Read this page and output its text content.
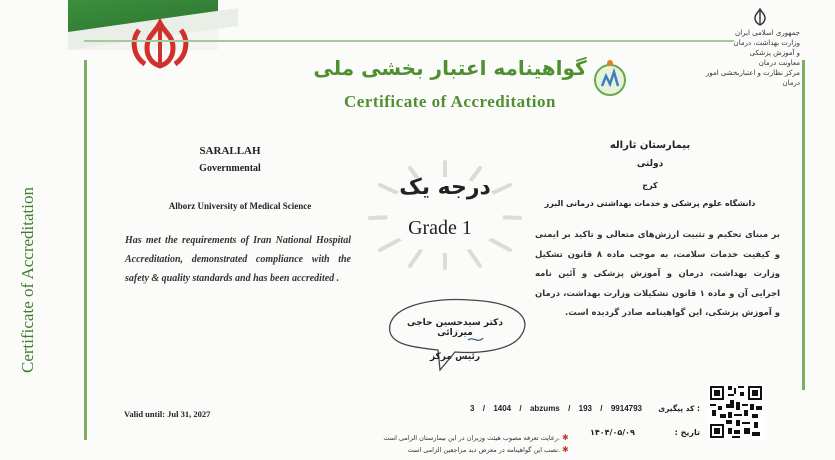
Certificate of Accreditation
گواهینامه اعتبار بخشی ملی
Certificate of Accreditation
جمهوری اسلامی ایران
وزارت بهداشت، درمان
و آموزش پزشکی
معاونت درمان
مرکز نظارت و اعتباربخشی امور درمان
SARALLAH
Governmental
Alborz University of Medical Science
Has met the requirements of Iran National Hospital Accreditation, demonstrated compliance with the safety & quality standards and has been accredited .
درجه یک
Grade 1
بیمارستان ثاراله
دولتی
کرج
دانشگاه علوم پزشکی و خدمات بهداشتی درمانی البرز
بر مبنای تحکیم و تثبیت ارزش‌های متعالی و تاکید بر ایمنی و کیفیت خدمات سلامت، به موجب ماده ۸ قانون تشکیل وزارت بهداشت، درمان و آموزش پزشکی و آئین نامه اجرایی آن و ماده ۱ قانون تشکیلات وزارت بهداشت، درمان و آموزش پزشکی، این گواهینامه صادر گردیده است.
دکتر سیدحسین حاجی میرزائی
رئیس مرکز
Valid until: Jul 31, 2027
3 / 1404 / abzums / 193 / 9914793	کد پیگیری :
تاریخ :
۱۴۰۴/۰۵/۰۹
✱
رعایت تعرفه مصوب هیئت وزیران در این بیمارستان الزامی است.
✱
نصب این گواهینامه در معرض دید مراجعین الزامی است.
